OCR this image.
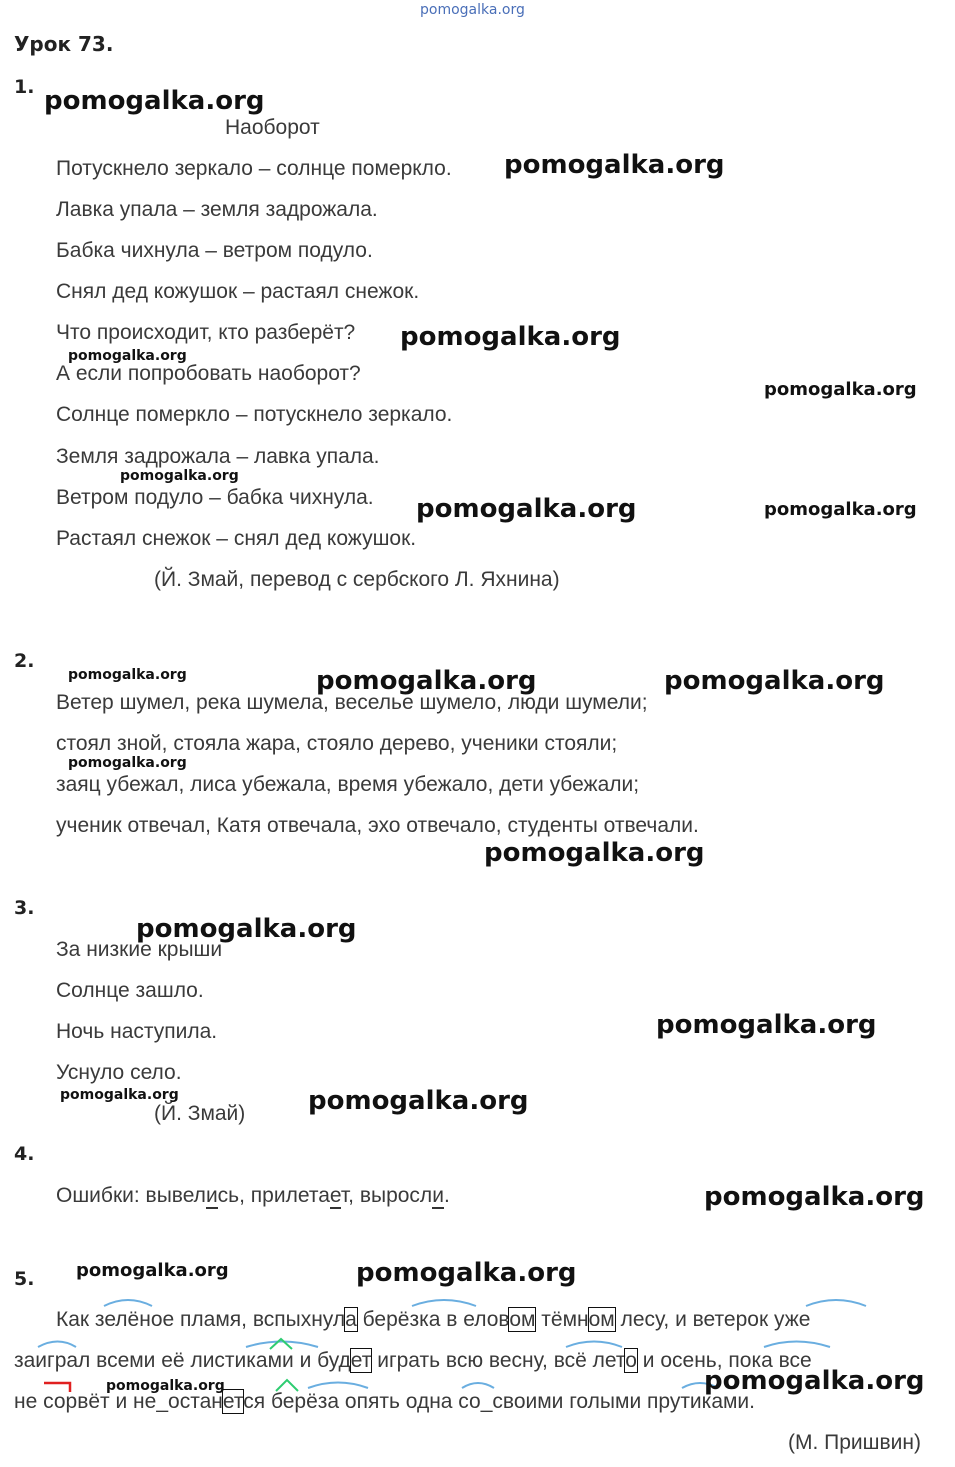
pomogalka.org
Урок 73.
1.
Наоборот
Потускнело зеркало – солнце померкло.
Лавка упала – земля задрожала.
Бабка чихнула – ветром подуло.
Снял дед кожушок – растаял снежок.
Что происходит, кто разберёт?
А если попробовать наоборот?
Солнце померкло – потускнело зеркало.
Земля задрожала – лавка упала.
Ветром подуло – бабка чихнула.
Растаял снежок – снял дед кожушок.
(Й. Змай, перевод с сербского Л. Яхнина)
2.
Ветер шумел, река шумела, веселье шумело, люди шумели;
стоял зной, стояла жара, стояло дерево, ученики стояли;
заяц убежал, лиса убежала, время убежало, дети убежали;
ученик отвечал, Катя отвечала, эхо отвечало, студенты отвечали.
3.
За низкие крыши
Солнце зашло.
Ночь наступила.
Уснуло село.
(Й. Змай)
4.
Ошибки: вывелись, прилетает, выросли.
5.
Как зелёное пламя, вспыхнула берёзка в еловом тёмном лесу, и ветерок уже
заиграл всеми её листиками и будет играть всю весну, всё лето и осень, пока все
не сорвёт и не_останется берёза опять одна со_своими голыми прутиками.
(М. Пришвин)
pomogalka.org
pomogalka.org
pomogalka.org
pomogalka.org
pomogalka.org
pomogalka.org
pomogalka.org	pomogalka.org
pomogalka.org	pomogalka.org	pomogalka.org
pomogalka.org
pomogalka.org
pomogalka.org
pomogalka.org
pomogalka.org	pomogalka.org
pomogalka.org
pomogalka.org	pomogalka.org
pomogalka.org	pomogalka.org
